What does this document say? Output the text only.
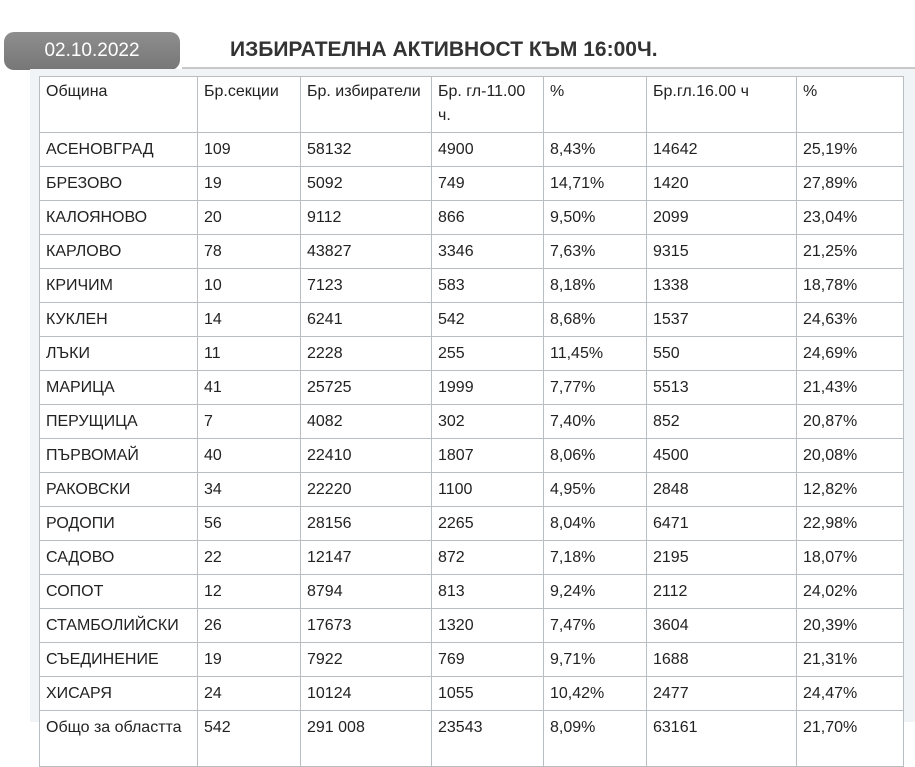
02.10.2022	ИЗБИРАТЕЛНА АКТИВНОСТ КЪМ 16:00Ч.
Община	Бр.секции	Бр. избиратели	Бр. гл-11.00 ч.	%	Бр.гл.16.00 ч	%
АСЕНОВГРАД	109	58132	4900	8,43%	14642	25,19%
БРЕЗОВО	19	5092	749	14,71%	1420	27,89%
КАЛОЯНОВО	20	9112	866	9,50%	2099	23,04%
КАРЛОВО	78	43827	3346	7,63%	9315	21,25%
КРИЧИМ	10	7123	583	8,18%	1338	18,78%
КУКЛЕН	14	6241	542	8,68%	1537	24,63%
ЛЪКИ	11	2228	255	11,45%	550	24,69%
МАРИЦА	41	25725	1999	7,77%	5513	21,43%
ПЕРУЩИЦА	7	4082	302	7,40%	852	20,87%
ПЪРВОМАЙ	40	22410	1807	8,06%	4500	20,08%
РАКОВСКИ	34	22220	1100	4,95%	2848	12,82%
РОДОПИ	56	28156	2265	8,04%	6471	22,98%
САДОВО	22	12147	872	7,18%	2195	18,07%
СОПОТ	12	8794	813	9,24%	2112	24,02%
СТАМБОЛИЙСКИ	26	17673	1320	7,47%	3604	20,39%
СЪЕДИНЕНИЕ	19	7922	769	9,71%	1688	21,31%
ХИСАРЯ	24	10124	1055	10,42%	2477	24,47%
Общо за областта	542	291 008	23543	8,09%	63161	21,70%
